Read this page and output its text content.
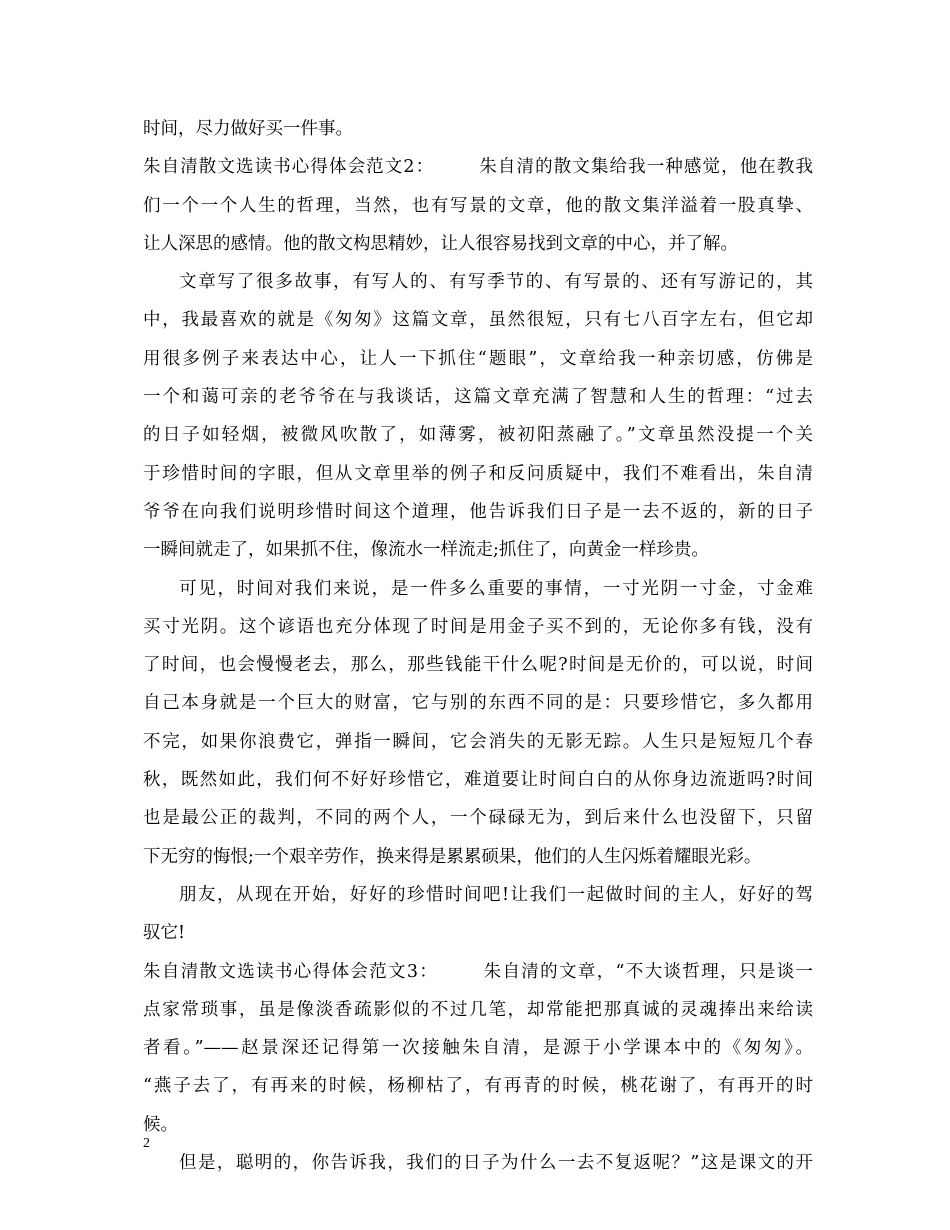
时间，尽力做好买一件事。
朱自清散文选读书心得体会范文2：	朱自清的散文集给我一种感觉，他在教我
们一个一个人生的哲理，当然，也有写景的文章，他的散文集洋溢着一股真挚、
让人深思的感情。他的散文构思精妙，让人很容易找到文章的中心，并了解。
文章写了很多故事，有写人的、有写季节的、有写景的、还有写游记的，其
中，我最喜欢的就是《匆匆》这篇文章，虽然很短，只有七八百字左右，但它却
用很多例子来表达中心，让人一下抓住“题眼”，文章给我一种亲切感，仿佛是
一个和蔼可亲的老爷爷在与我谈话，这篇文章充满了智慧和人生的哲理：“过去
的日子如轻烟，被微风吹散了，如薄雾，被初阳蒸融了。”文章虽然没提一个关
于珍惜时间的字眼，但从文章里举的例子和反问质疑中，我们不难看出，朱自清
爷爷在向我们说明珍惜时间这个道理，他告诉我们日子是一去不返的，新的日子
一瞬间就走了，如果抓不住，像流水一样流走;抓住了，向黄金一样珍贵。
可见，时间对我们来说，是一件多么重要的事情，一寸光阴一寸金，寸金难
买寸光阴。这个谚语也充分体现了时间是用金子买不到的，无论你多有钱，没有
了时间，也会慢慢老去，那么，那些钱能干什么呢?时间是无价的，可以说，时间
自己本身就是一个巨大的财富，它与别的东西不同的是：只要珍惜它，多久都用
不完，如果你浪费它，弹指一瞬间，它会消失的无影无踪。人生只是短短几个春
秋，既然如此，我们何不好好珍惜它，难道要让时间白白的从你身边流逝吗?时间
也是最公正的裁判，不同的两个人，一个碌碌无为，到后来什么也没留下，只留
下无穷的悔恨;一个艰辛劳作，换来得是累累硕果，他们的人生闪烁着耀眼光彩。
朋友，从现在开始，好好的珍惜时间吧!让我们一起做时间的主人，好好的驾
驭它!
朱自清散文选读书心得体会范文3：	朱自清的文章，“不大谈哲理，只是谈一
点家常琐事，虽是像淡香疏影似的不过几笔，却常能把那真诚的灵魂捧出来给读
者看。”——赵景深还记得第一次接触朱自清，是源于小学课本中的《匆匆》。
“燕子去了，有再来的时候，杨柳枯了，有再青的时候，桃花谢了，有再开的时
候。
但是，聪明的，你告诉我，我们的日子为什么一去不复返呢？”这是课文的开
2
